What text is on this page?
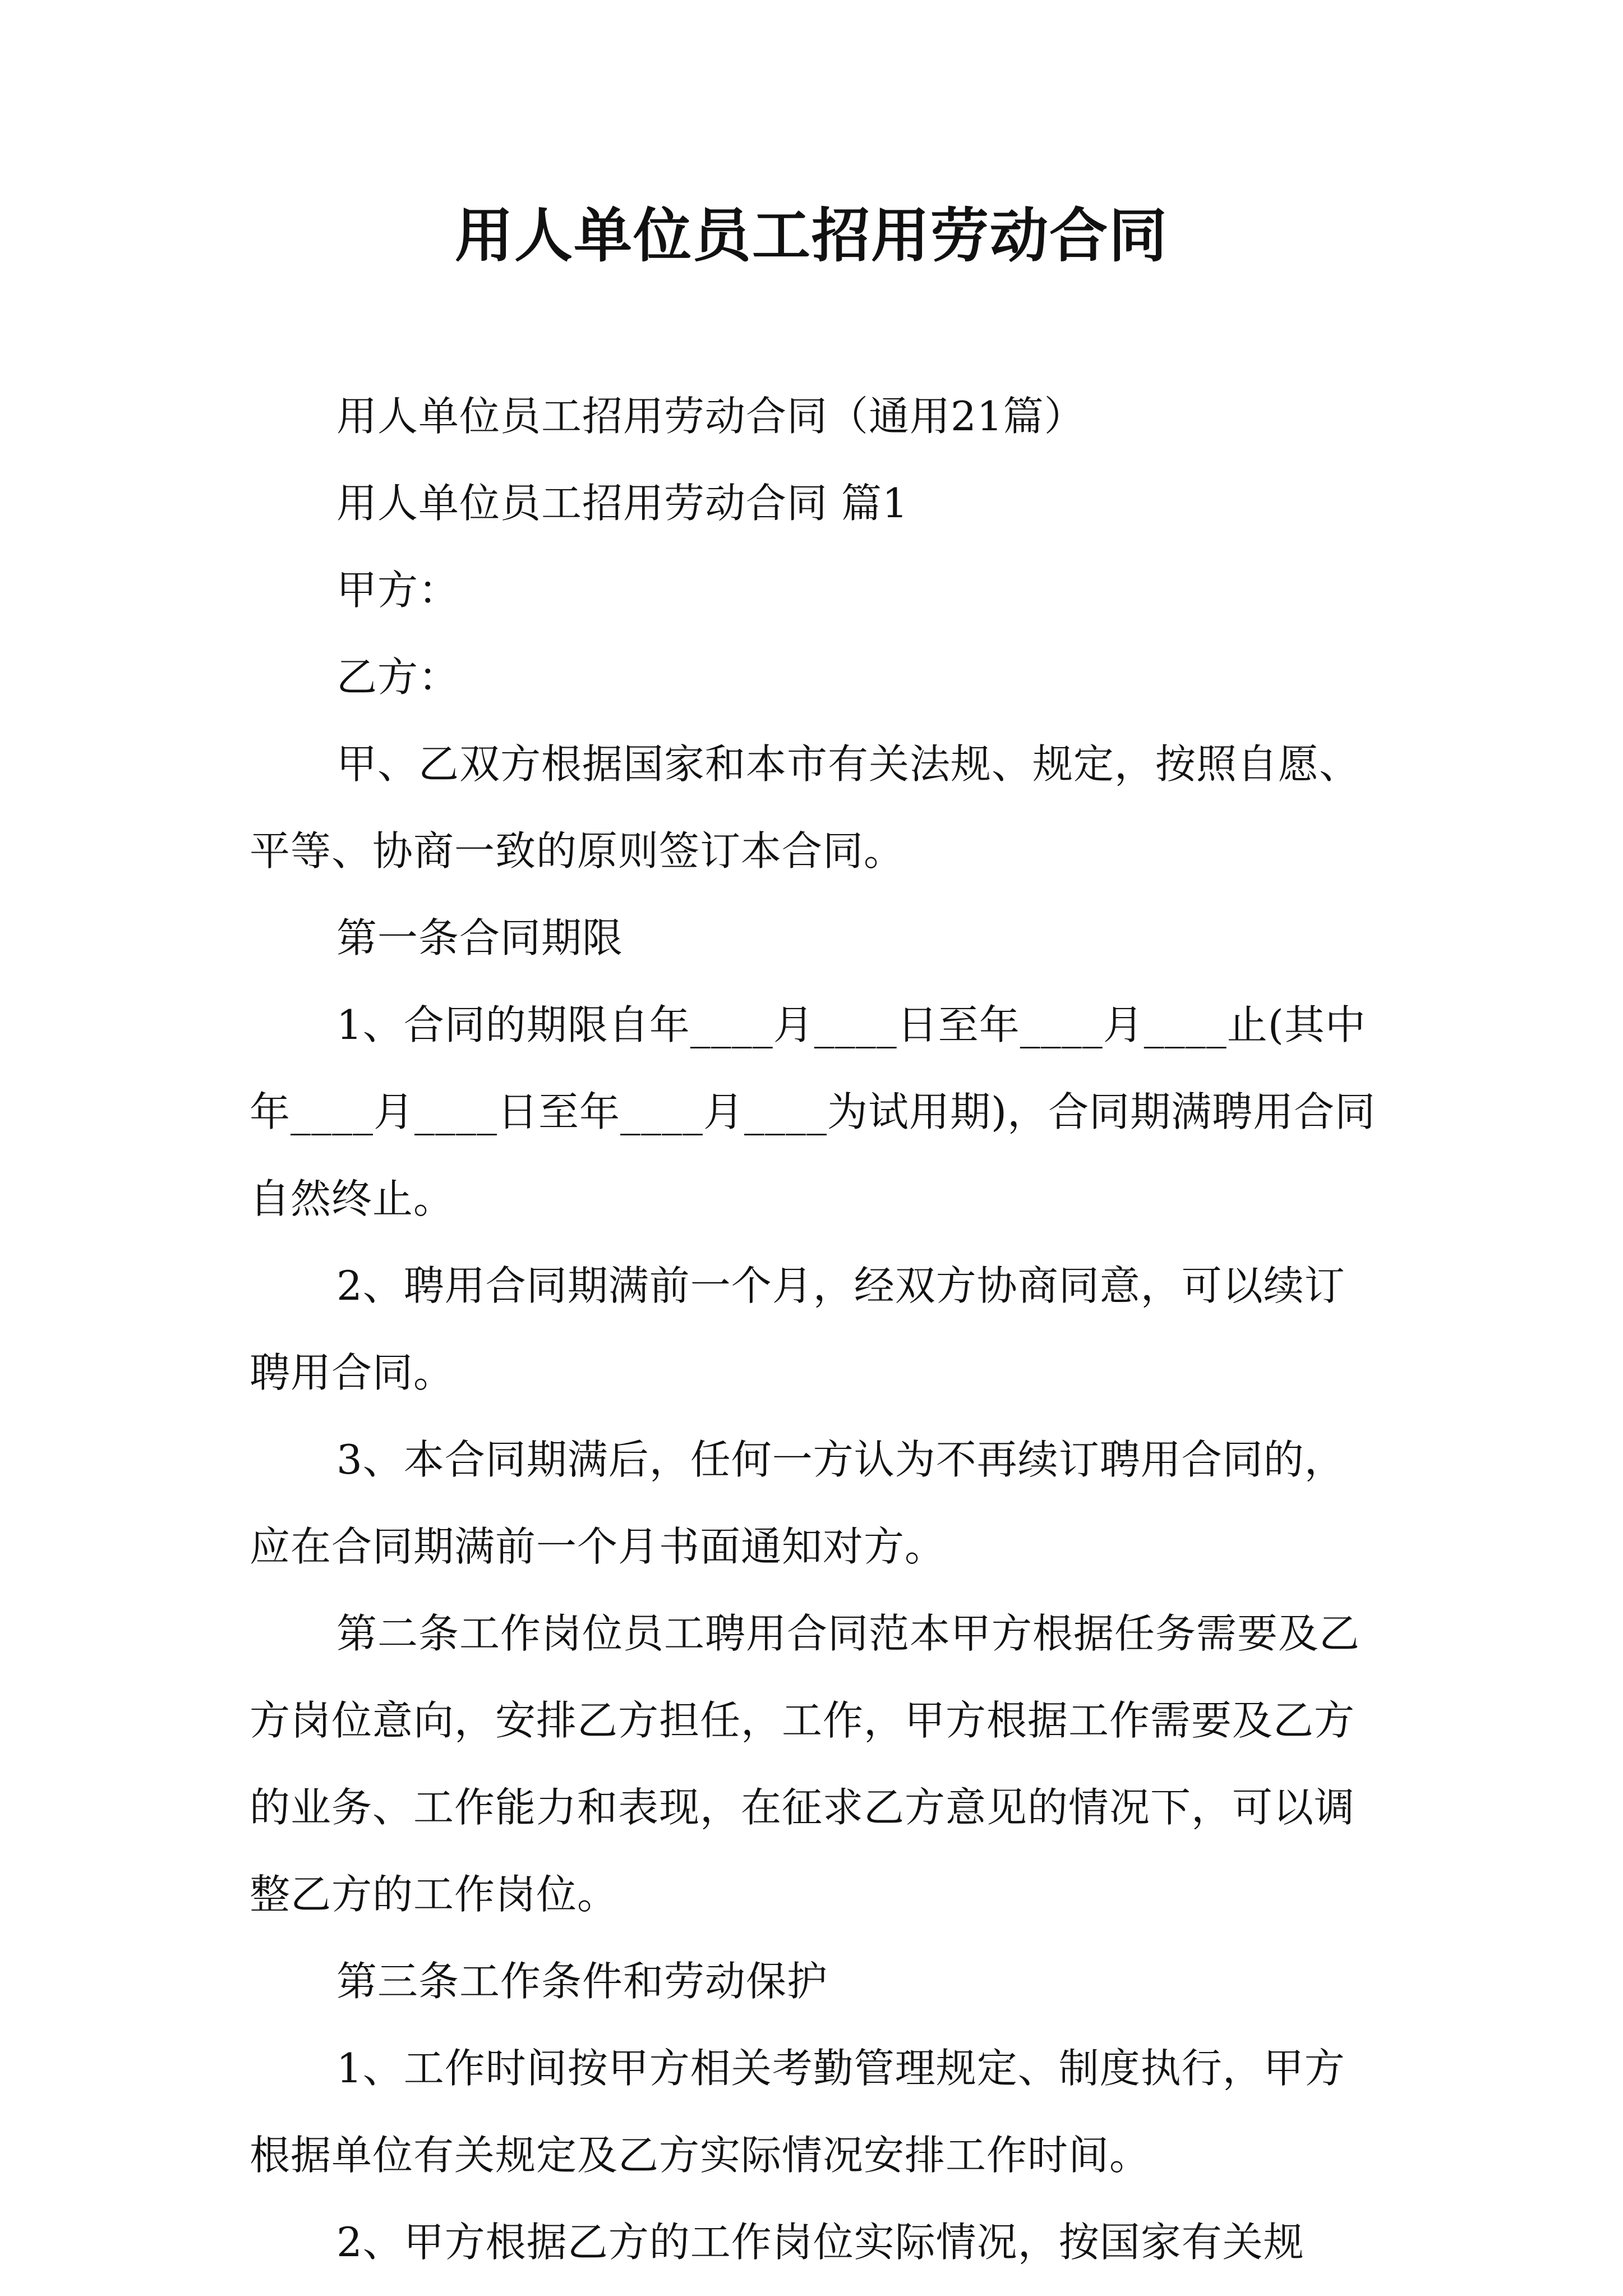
用人单位员工招用劳动合同

用人单位员工招用劳动合同（通用21篇）

用人单位员工招用劳动合同 篇1

甲方：

乙方：

甲、乙双方根据国家和本市有关法规、规定，按照自愿、平等、协商一致的原则签订本合同。

第一条合同期限

1、合同的期限自年____月____日至年____月____止(其中年____月____日至年____月____为试用期)，合同期满聘用合同自然终止。

2、聘用合同期满前一个月，经双方协商同意，可以续订聘用合同。

3、本合同期满后，任何一方认为不再续订聘用合同的，应在合同期满前一个月书面通知对方。

第二条工作岗位员工聘用合同范本甲方根据任务需要及乙方岗位意向，安排乙方担任，工作，甲方根据工作需要及乙方的业务、工作能力和表现，在征求乙方意见的情况下，可以调整乙方的工作岗位。

第三条工作条件和劳动保护

1、工作时间按甲方相关考勤管理规定、制度执行，甲方根据单位有关规定及乙方实际情况安排工作时间。

2、甲方根据乙方的工作岗位实际情况，按国家有关规
